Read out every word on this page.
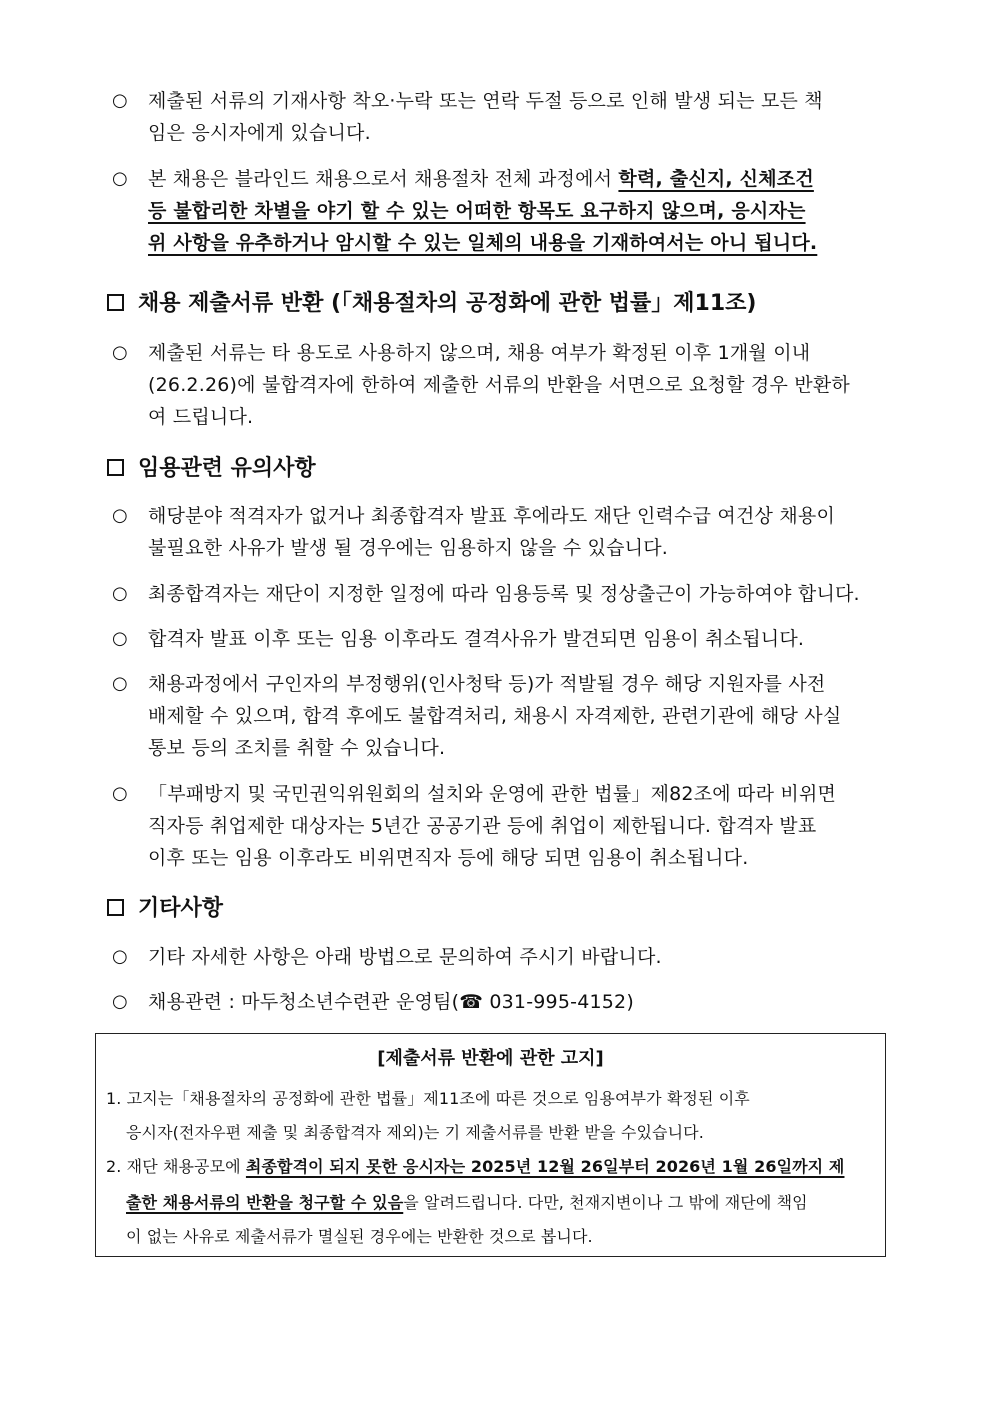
○ 제출된 서류의 기재사항 착오·누락 또는 연락 두절 등으로 인해 발생 되는 모든 책
임은 응시자에게 있습니다.
○ 본 채용은 블라인드 채용으로서 채용절차 전체 과정에서 학력, 출신지, 신체조건
등 불합리한 차별을 야기 할 수 있는 어떠한 항목도 요구하지 않으며, 응시자는
위 사항을 유추하거나 암시할 수 있는 일체의 내용을 기재하여서는 아니 됩니다.
채용 제출서류 반환 (「채용절차의 공정화에 관한 법률」제11조)
○ 제출된 서류는 타 용도로 사용하지 않으며, 채용 여부가 확정된 이후 1개월 이내
(26.2.26)에 불합격자에 한하여 제출한 서류의 반환을 서면으로 요청할 경우 반환하
여 드립니다.
임용관련 유의사항
○ 해당분야 적격자가 없거나 최종합격자 발표 후에라도 재단 인력수급 여건상 채용이
불필요한 사유가 발생 될 경우에는 임용하지 않을 수 있습니다.
○ 최종합격자는 재단이 지정한 일정에 따라 임용등록 및 정상출근이 가능하여야 합니다.
○ 합격자 발표 이후 또는 임용 이후라도 결격사유가 발견되면 임용이 취소됩니다.
○ 채용과정에서 구인자의 부정행위(인사청탁 등)가 적발될 경우 해당 지원자를 사전
배제할 수 있으며, 합격 후에도 불합격처리, 채용시 자격제한, 관련기관에 해당 사실
통보 등의 조치를 취할 수 있습니다.
○ 「부패방지 및 국민권익위원회의 설치와 운영에 관한 법률」제82조에 따라 비위면
직자등 취업제한 대상자는 5년간 공공기관 등에 취업이 제한됩니다. 합격자 발표
이후 또는 임용 이후라도 비위면직자 등에 해당 되면 임용이 취소됩니다.
기타사항
○ 기타 자세한 사항은 아래 방법으로 문의하여 주시기 바랍니다.
○ 채용관련 : 마두청소년수련관 운영팀(☎ 031-995-4152)
[제출서류 반환에 관한 고지]
1. 고지는「채용절차의 공정화에 관한 법률」제11조에 따른 것으로 임용여부가 확정된 이후
응시자(전자우편 제출 및 최종합격자 제외)는 기 제출서류를 반환 받을 수있습니다.
2. 재단 채용공모에 최종합격이 되지 못한 응시자는 2025년 12월 26일부터 2026년 1월 26일까지 제
출한 채용서류의 반환을 청구할 수 있음을 알려드립니다. 다만, 천재지변이나 그 밖에 재단에 책임
이 없는 사유로 제출서류가 멸실된 경우에는 반환한 것으로 봅니다.
